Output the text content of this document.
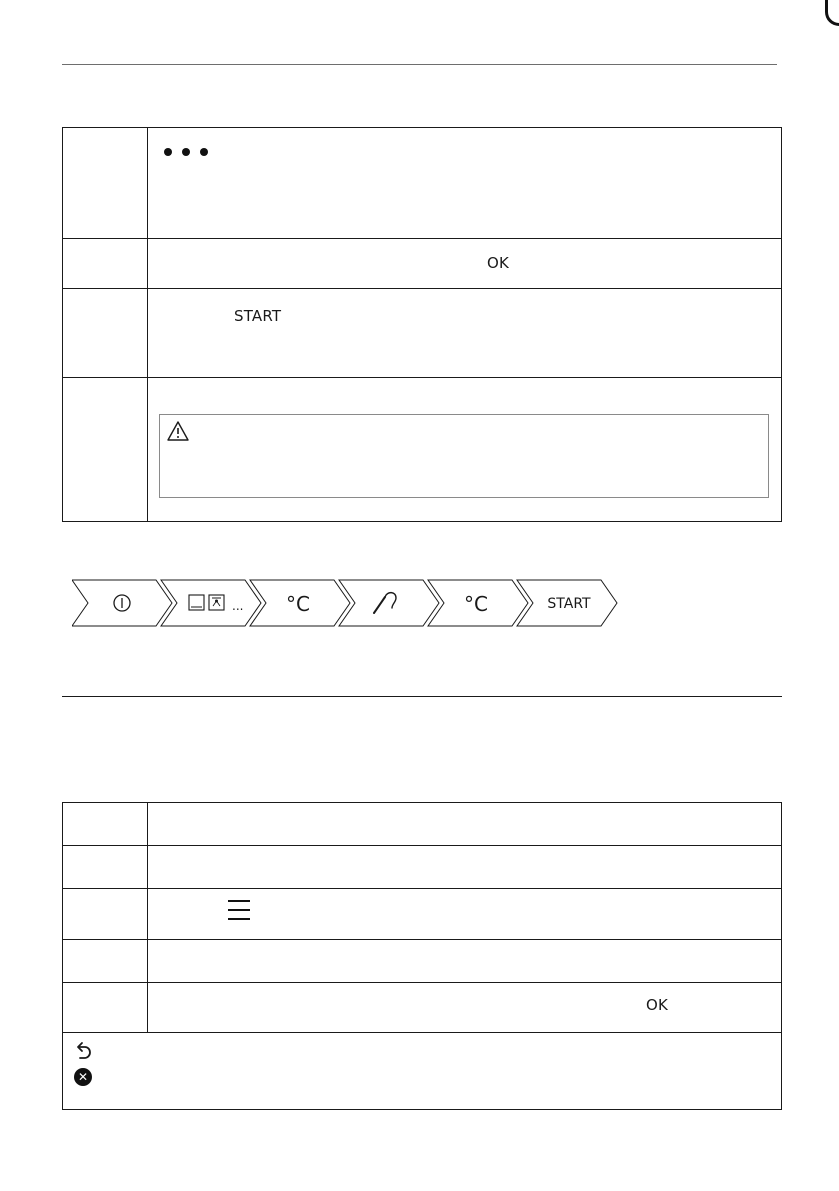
	OK

	START

... °C	°C	START

	OK
✕
